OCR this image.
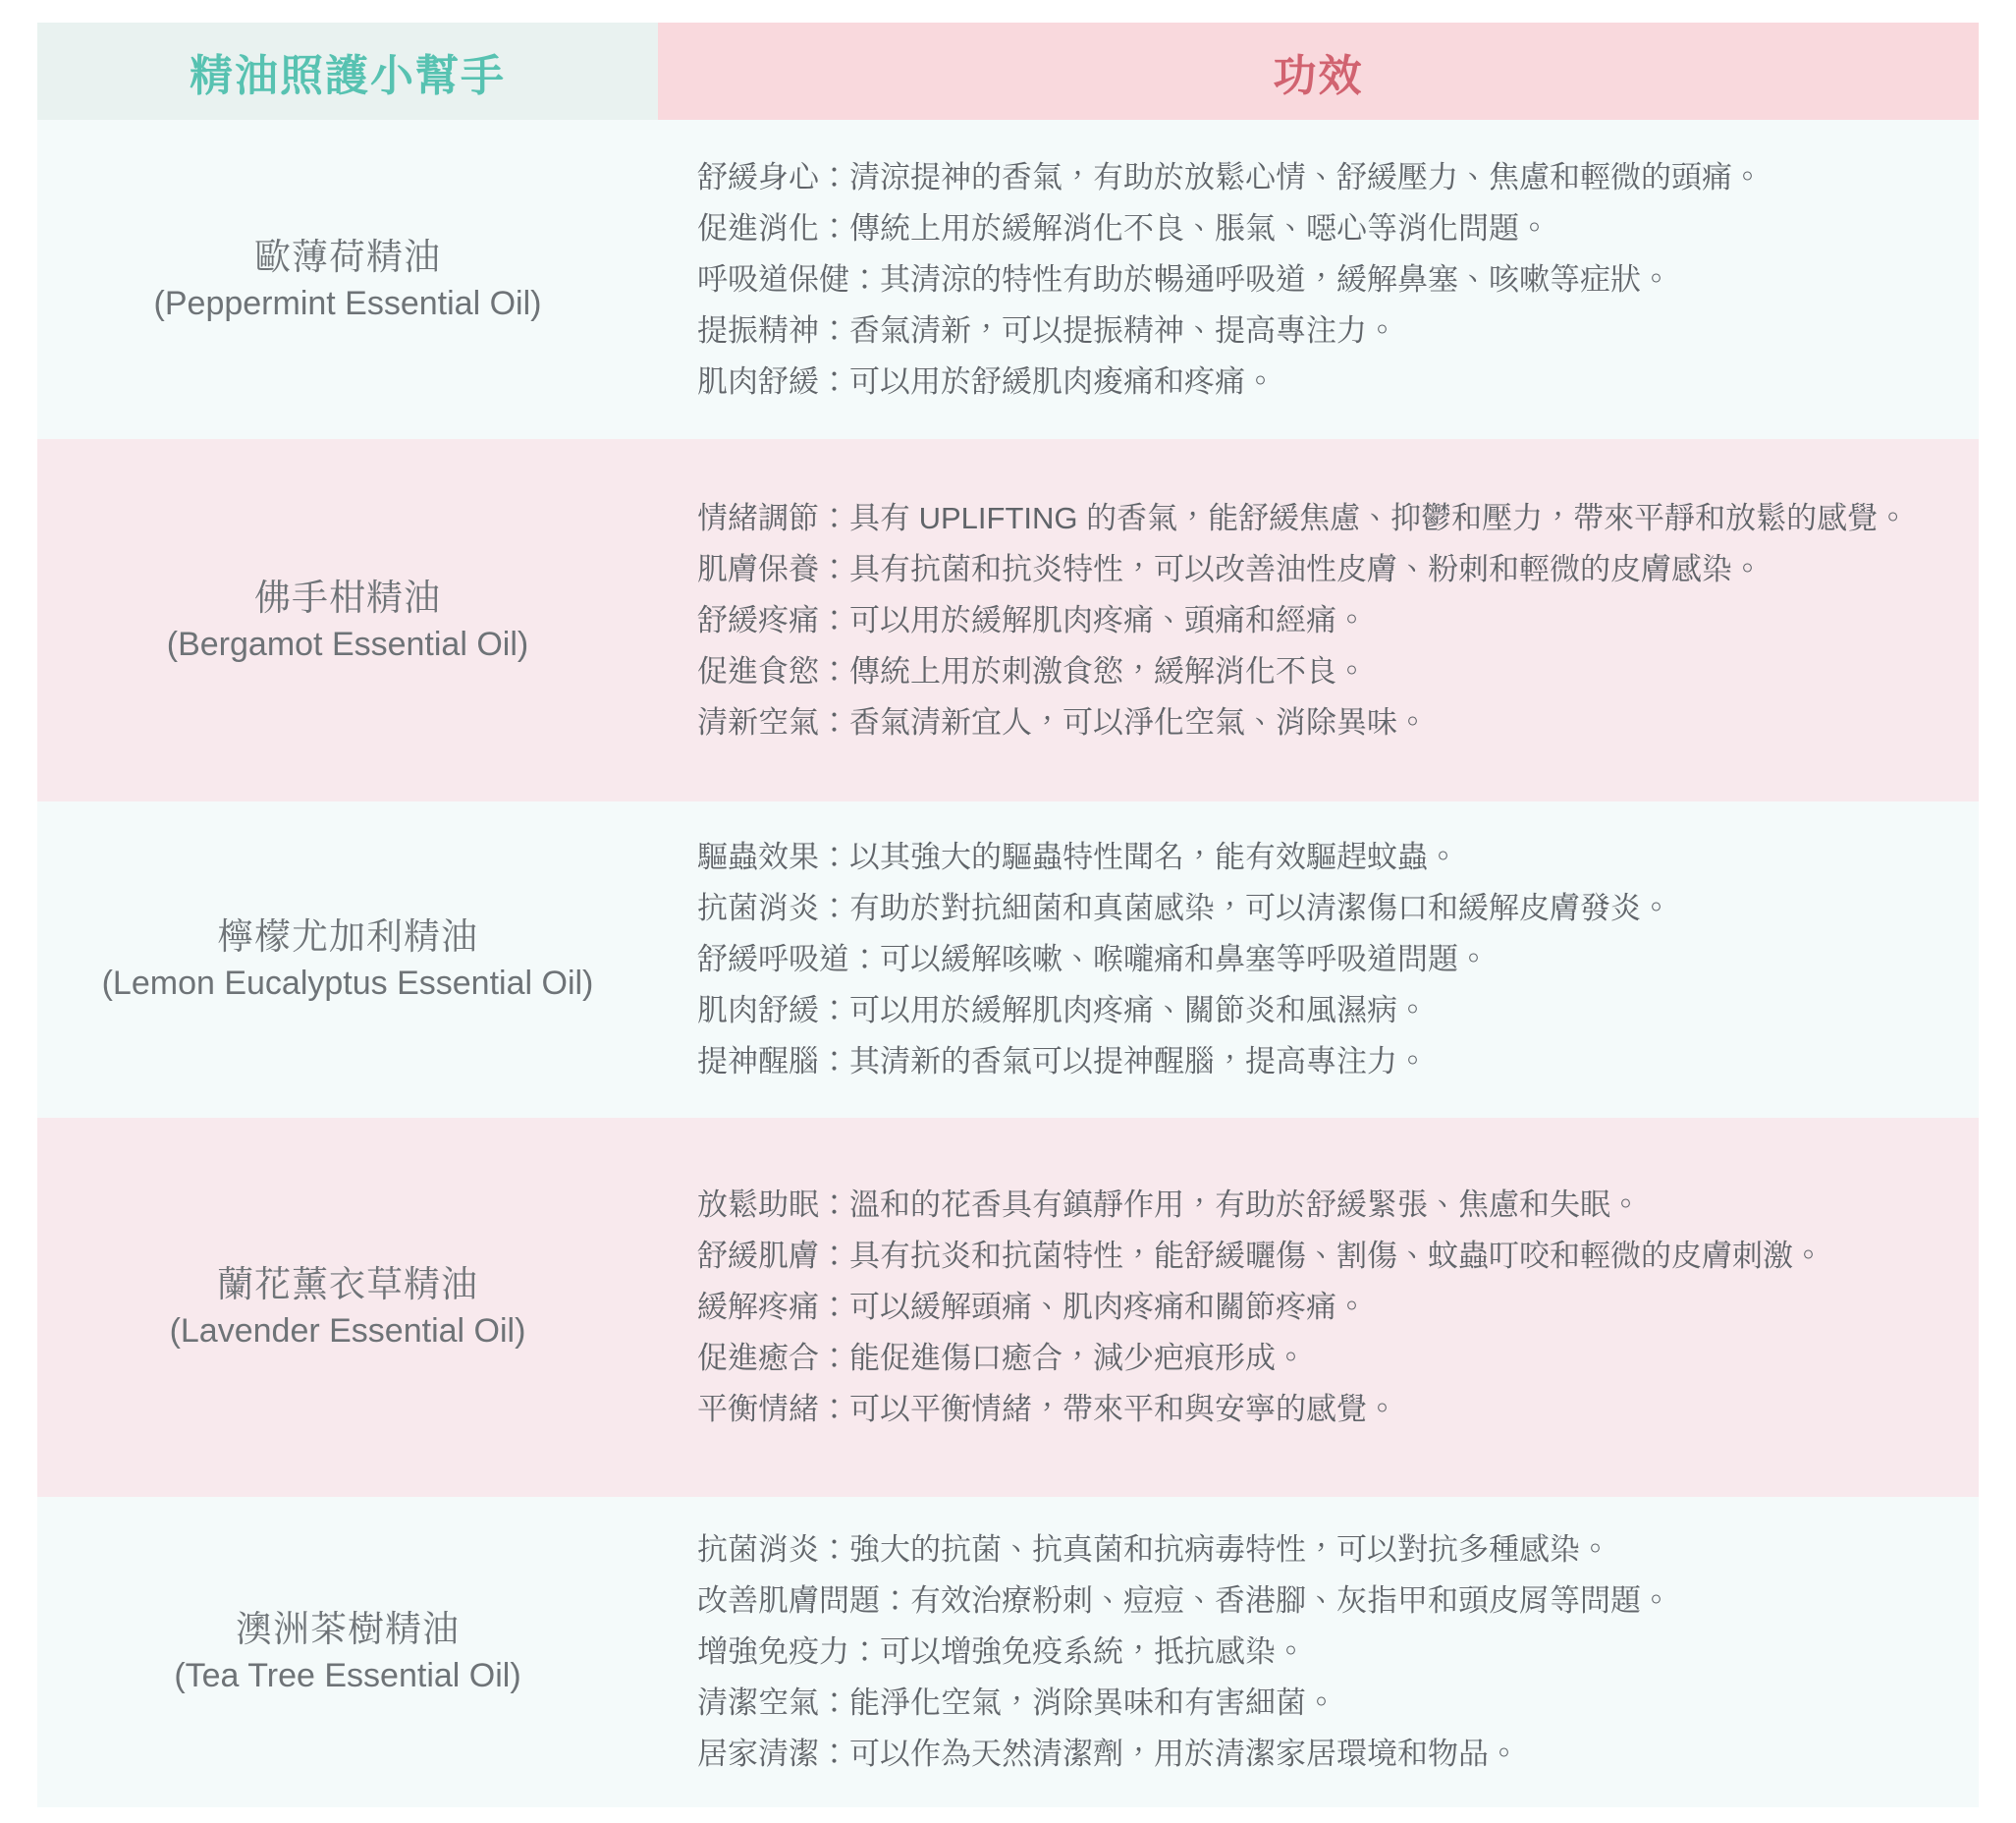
精油照護小幫手	功效
歐薄荷精油
(Peppermint Essential Oil)
舒緩身心： 清涼提神的香氣，有助於放鬆心情、舒緩壓力、焦慮和輕微的頭痛。
促進消化： 傳統上用於緩解消化不良、脹氣、噁心等消化問題。
呼吸道保健： 其清涼的特性有助於暢通呼吸道，緩解鼻塞、咳嗽等症狀。
提振精神： 香氣清新，可以提振精神、提高專注力。
肌肉舒緩： 可以用於舒緩肌肉痠痛和疼痛。
佛手柑精油
(Bergamot Essential Oil)
情緒調節： 具有 UPLIFTING 的香氣，能舒緩焦慮、抑鬱和壓力，帶來平靜和放鬆的感覺。
肌膚保養： 具有抗菌和抗炎特性，可以改善油性皮膚、粉刺和輕微的皮膚感染。
舒緩疼痛： 可以用於緩解肌肉疼痛、頭痛和經痛。
促進食慾： 傳統上用於刺激食慾，緩解消化不良。
清新空氣： 香氣清新宜人，可以淨化空氣、消除異味。
檸檬尤加利精油
(Lemon Eucalyptus Essential Oil)
驅蟲效果： 以其強大的驅蟲特性聞名，能有效驅趕蚊蟲。
抗菌消炎： 有助於對抗細菌和真菌感染，可以清潔傷口和緩解皮膚發炎。
舒緩呼吸道： 可以緩解咳嗽、喉嚨痛和鼻塞等呼吸道問題。
肌肉舒緩： 可以用於緩解肌肉疼痛、關節炎和風濕病。
提神醒腦： 其清新的香氣可以提神醒腦，提高專注力。
蘭花薰衣草精油
(Lavender Essential Oil)
放鬆助眠： 溫和的花香具有鎮靜作用，有助於舒緩緊張、焦慮和失眠。
舒緩肌膚： 具有抗炎和抗菌特性，能舒緩曬傷、割傷、蚊蟲叮咬和輕微的皮膚刺激。
緩解疼痛： 可以緩解頭痛、肌肉疼痛和關節疼痛。
促進癒合： 能促進傷口癒合，減少疤痕形成。
平衡情緒： 可以平衡情緒，帶來平和與安寧的感覺。
澳洲茶樹精油
(Tea Tree Essential Oil)
抗菌消炎： 強大的抗菌、抗真菌和抗病毒特性，可以對抗多種感染。
改善肌膚問題： 有效治療粉刺、痘痘、香港腳、灰指甲和頭皮屑等問題。
增強免疫力： 可以增強免疫系統，抵抗感染。
清潔空氣： 能淨化空氣，消除異味和有害細菌。
居家清潔： 可以作為天然清潔劑，用於清潔家居環境和物品。
